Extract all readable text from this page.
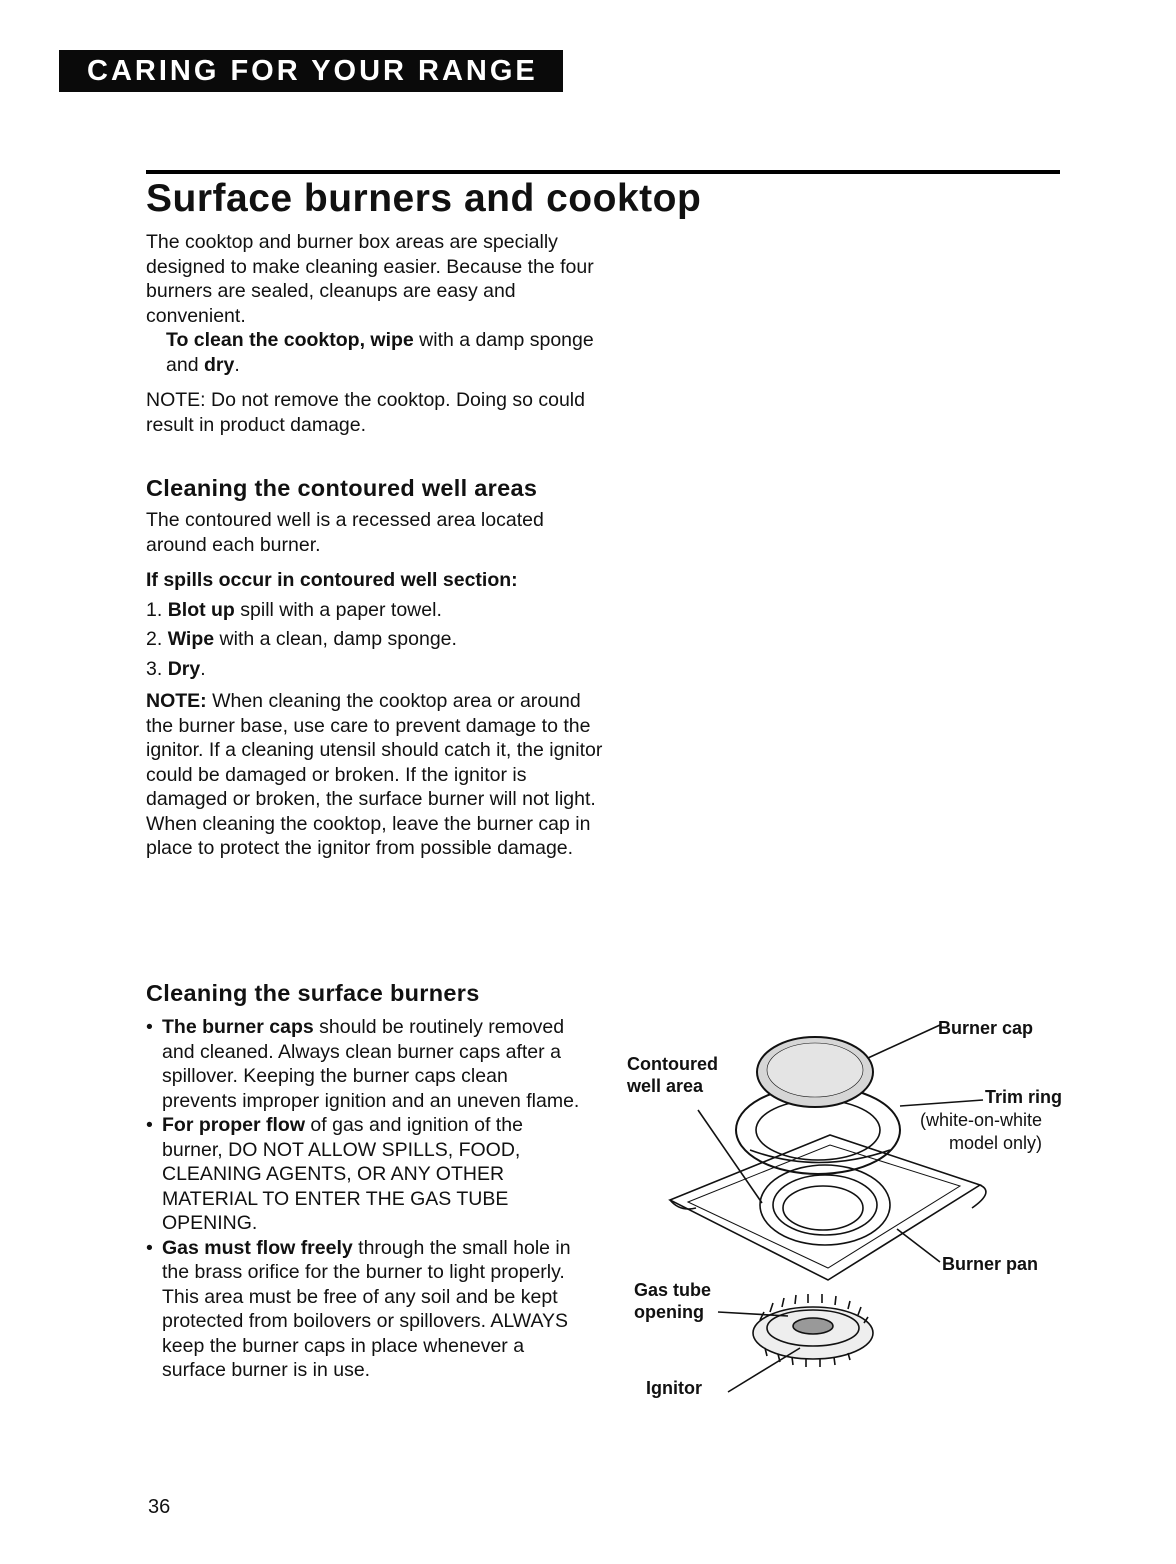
CARING FOR YOUR RANGE
Surface burners and cooktop

The cooktop and burner box areas are specially designed to make cleaning easier. Because the four burners are sealed, cleanups are easy and convenient.

To clean the cooktop, wipe with a damp sponge and dry.

NOTE: Do not remove the cooktop. Doing so could result in product damage.

Cleaning the contoured well areas

The contoured well is a recessed area located around each burner.

If spills occur in contoured well section:

1. Blot up spill with a paper towel.

2. Wipe with a clean, damp sponge.

3. Dry.

NOTE: When cleaning the cooktop area or around the burner base, use care to prevent damage to the ignitor. If a cleaning utensil should catch it, the ignitor could be damaged or broken. If the ignitor is damaged or broken, the surface burner will not light. When cleaning the cooktop, leave the burner cap in place to protect the ignitor from possible damage.

Cleaning the surface burners

• The burner caps should be routinely removed and cleaned. Always clean burner caps after a spillover. Keeping the burner caps clean prevents improper ignition and an uneven flame.
• For proper flow of gas and ignition of the burner, DO NOT ALLOW SPILLS, FOOD, CLEANING AGENTS, OR ANY OTHER MATERIAL TO ENTER THE GAS TUBE OPENING.
• Gas must flow freely through the small hole in the brass orifice for the burner to light properly. This area must be free of any soil and be kept protected from boilovers or spillovers. ALWAYS keep the burner caps in place whenever a surface burner is in use.
Burner cap
Contoured
well area
Trim ring
(white-on-white
model only)
Burner pan
Gas tube
opening
Ignitor
36
